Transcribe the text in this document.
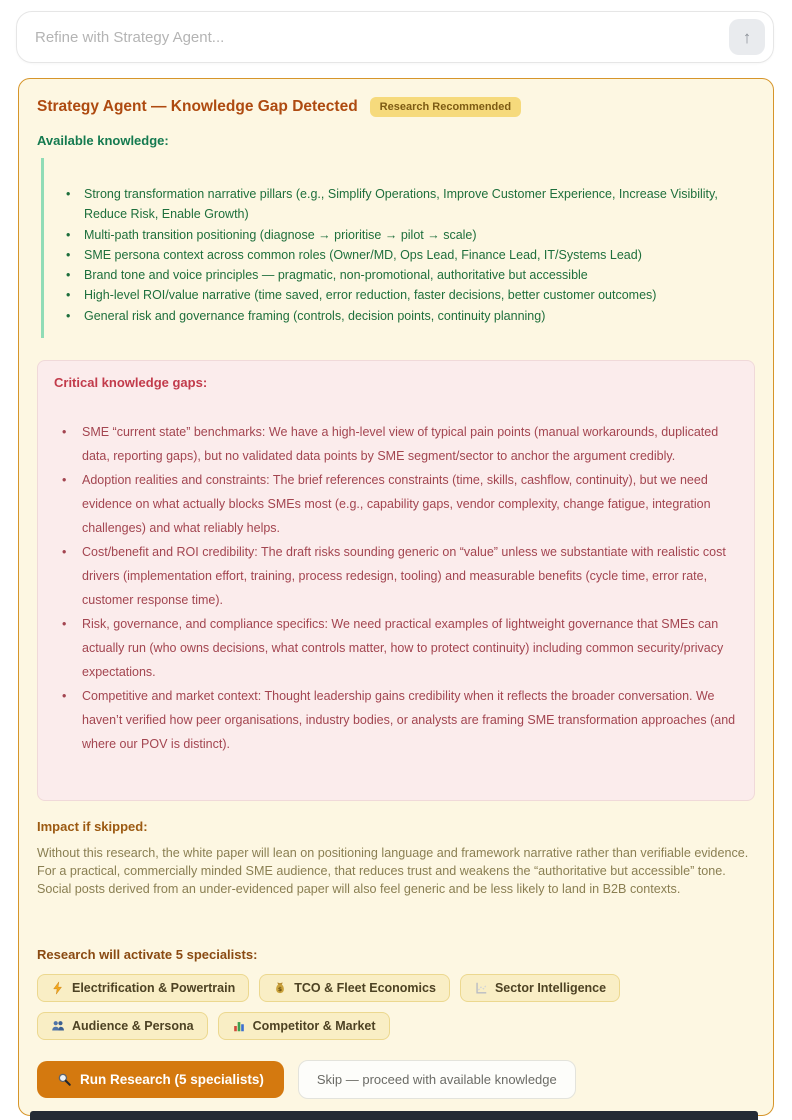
Refine with Strategy Agent...
↑
Strategy Agent — Knowledge Gap Detected	Research Recommended
Available knowledge:
• Strong transformation narrative pillars (e.g., Simplify Operations, Improve Customer Experience, Increase Visibility, Reduce Risk, Enable Growth)
• Multi-path transition positioning (diagnose → prioritise → pilot → scale)
• SME persona context across common roles (Owner/MD, Ops Lead, Finance Lead, IT/Systems Lead)
• Brand tone and voice principles — pragmatic, non-promotional, authoritative but accessible
• High-level ROI/value narrative (time saved, error reduction, faster decisions, better customer outcomes)
• General risk and governance framing (controls, decision points, continuity planning)
Critical knowledge gaps:
• SME “current state” benchmarks: We have a high-level view of typical pain points (manual workarounds, duplicated data, reporting gaps), but no validated data points by SME segment/sector to anchor the argument credibly.
• Adoption realities and constraints: The brief references constraints (time, skills, cashflow, continuity), but we need evidence on what actually blocks SMEs most (e.g., capability gaps, vendor complexity, change fatigue, integration challenges) and what reliably helps.
• Cost/benefit and ROI credibility: The draft risks sounding generic on “value” unless we substantiate with realistic cost drivers (implementation effort, training, process redesign, tooling) and measurable benefits (cycle time, error rate, customer response time).
• Risk, governance, and compliance specifics: We need practical examples of lightweight governance that SMEs can actually run (who owns decisions, what controls matter, how to protect continuity) including common security/privacy expectations.
• Competitive and market context: Thought leadership gains credibility when it reflects the broader conversation. We haven’t verified how peer organisations, industry bodies, or analysts are framing SME transformation approaches (and where our POV is distinct).
Impact if skipped:

Without this research, the white paper will lean on positioning language and framework narrative rather than verifiable evidence. For a practical, commercially minded SME audience, that reduces trust and weakens the “authoritative but accessible” tone. Social posts derived from an under-evidenced paper will also feel generic and be less likely to land in B2B contexts.

Research will activate 5 specialists:
Electrification & Powertrain	$ TCO & Fleet Economics	Sector Intelligence
Audience & Persona	Competitor & Market
Run Research (5 specialists)	Skip — proceed with available knowledge
